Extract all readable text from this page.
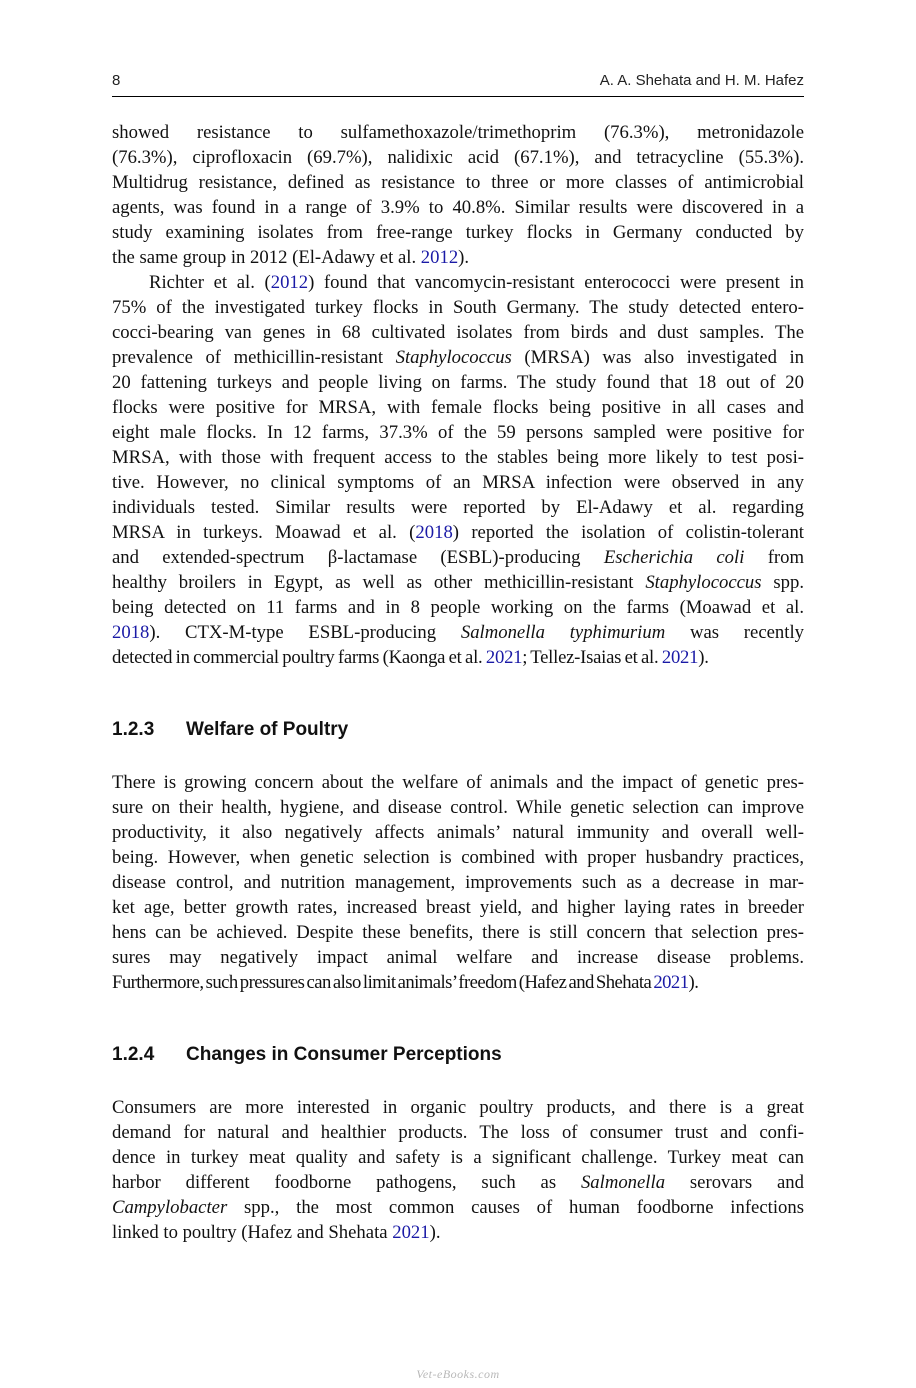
8	A. A. Shehata and H. M. Hafez
showed resistance to sulfamethoxazole/trimethoprim (76.3%), metronidazole
(76.3%), ciprofloxacin (69.7%), nalidixic acid (67.1%), and tetracycline (55.3%).
Multidrug resistance, defined as resistance to three or more classes of antimicrobial
agents, was found in a range of 3.9% to 40.8%. Similar results were discovered in a
study examining isolates from free-range turkey flocks in Germany conducted by
the same group in 2012 (El-Adawy et al. 2012).
Richter et al. (2012) found that vancomycin-resistant enterococci were present in
75% of the investigated turkey flocks in South Germany. The study detected entero-
cocci-bearing van genes in 68 cultivated isolates from birds and dust samples. The
prevalence of methicillin-resistant Staphylococcus (MRSA) was also investigated in
20 fattening turkeys and people living on farms. The study found that 18 out of 20
flocks were positive for MRSA, with female flocks being positive in all cases and
eight male flocks. In 12 farms, 37.3% of the 59 persons sampled were positive for
MRSA, with those with frequent access to the stables being more likely to test posi-
tive. However, no clinical symptoms of an MRSA infection were observed in any
individuals tested. Similar results were reported by El-Adawy et al. regarding
MRSA in turkeys. Moawad et al. (2018) reported the isolation of colistin-tolerant
and extended-spectrum β-lactamase (ESBL)-producing Escherichia coli from
healthy broilers in Egypt, as well as other methicillin-resistant Staphylococcus spp.
being detected on 11 farms and in 8 people working on the farms (Moawad et al.
2018). CTX-M-type ESBL-producing Salmonella typhimurium was recently
detected in commercial poultry farms (Kaonga et al. 2021; Tellez-Isaias et al. 2021).
1.2.3 Welfare of Poultry
There is growing concern about the welfare of animals and the impact of genetic pres-
sure on their health, hygiene, and disease control. While genetic selection can improve
productivity, it also negatively affects animals’ natural immunity and overall well-
being. However, when genetic selection is combined with proper husbandry practices,
disease control, and nutrition management, improvements such as a decrease in mar-
ket age, better growth rates, increased breast yield, and higher laying rates in breeder
hens can be achieved. Despite these benefits, there is still concern that selection pres-
sures may negatively impact animal welfare and increase disease problems.
Furthermore, such pressures can also limit animals’ freedom (Hafez and Shehata 2021).
1.2.4 Changes in Consumer Perceptions
Consumers are more interested in organic poultry products, and there is a great
demand for natural and healthier products. The loss of consumer trust and confi-
dence in turkey meat quality and safety is a significant challenge. Turkey meat can
harbor different foodborne pathogens, such as Salmonella serovars and
Campylobacter spp., the most common causes of human foodborne infections
linked to poultry (Hafez and Shehata 2021).
Vet-eBooks.com
